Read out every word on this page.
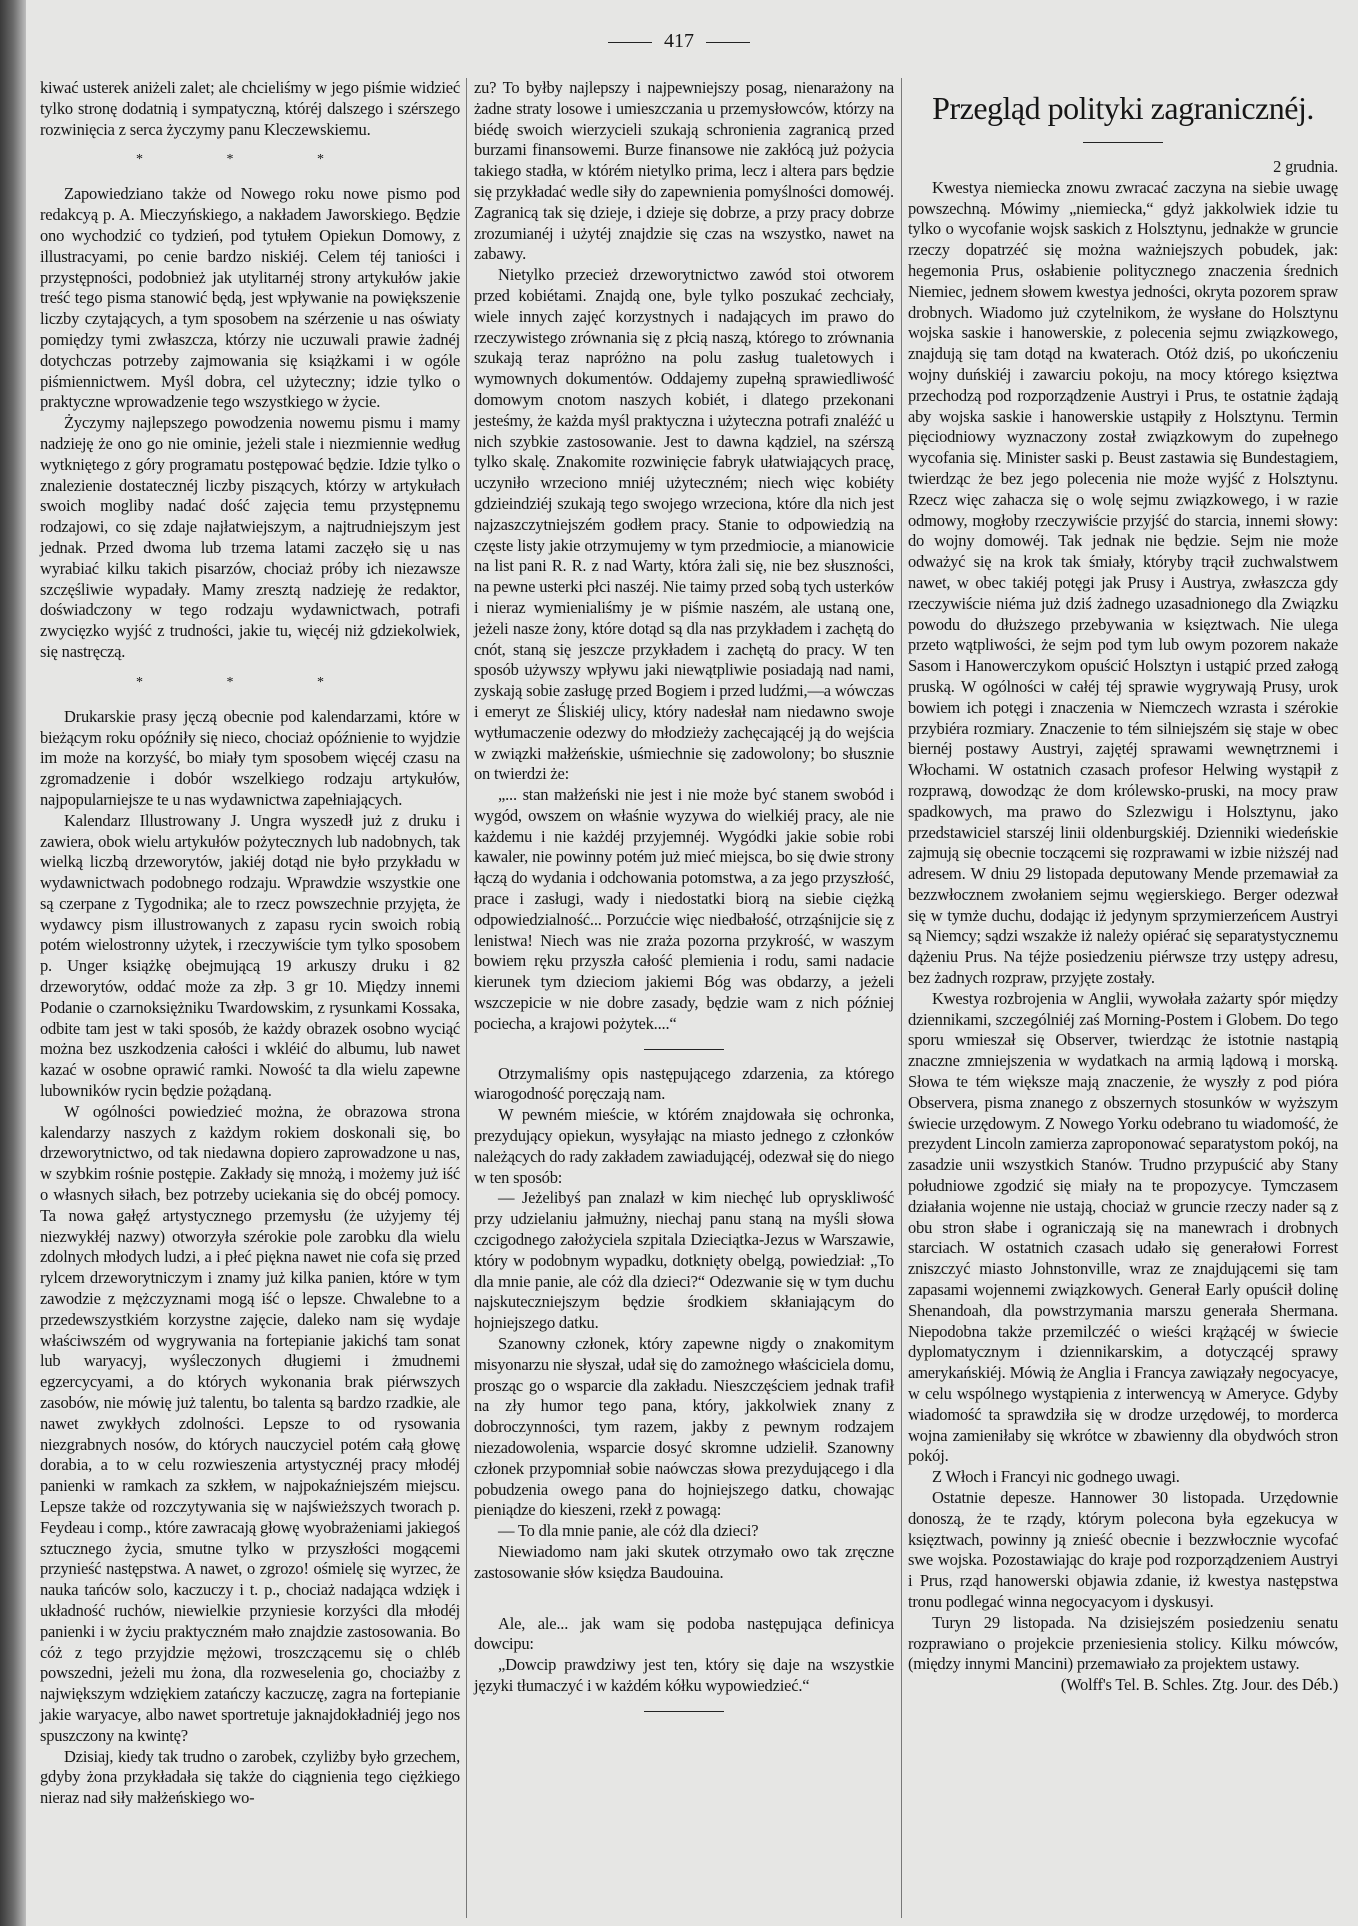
417

kiwać usterek aniżeli zalet; ale chcieliśmy w jego piśmie widzieć tylko stronę dodatnią i sympatyczną, któréj dalszego i szérszego rozwinięcia z serca życzymy panu Kleczewskiemu.

* * *

Zapowiedziano także od Nowego roku nowe pismo pod redakcyą p. A. Mieczyńskiego, a nakładem Jaworskiego. Będzie ono wychodzić co tydzień, pod tytułem Opiekun Domowy, z illustracyami, po cenie bardzo niskiéj. Celem téj taniości i przystępności, podobnież jak utylitarnéj strony artykułów jakie treść tego pisma stanowić będą, jest wpływanie na powiększenie liczby czytających, a tym sposobem na szérzenie u nas oświaty pomiędzy tymi zwłaszcza, którzy nie uczuwali prawie żadnéj dotychczas potrzeby zajmowania się książkami i w ogóle piśmiennictwem. Myśl dobra, cel użyteczny; idzie tylko o praktyczne wprowadzenie tego wszystkiego w życie.

Życzymy najlepszego powodzenia nowemu pismu i mamy nadzieję że ono go nie ominie, jeżeli stale i niezmiennie według wytkniętego z góry programatu postępować będzie. Idzie tylko o znalezienie dostatecznéj liczby piszących, którzy w artykułach swoich mogliby nadać dość zajęcia temu przystępnemu rodzajowi, co się zdaje najłatwiejszym, a najtrudniejszym jest jednak. Przed dwoma lub trzema latami zaczęło się u nas wyrabiać kilku takich pisarzów, chociaż próby ich niezawsze szczęśliwie wypadały. Mamy zresztą nadzieję że redaktor, doświadczony w tego rodzaju wydawnictwach, potrafi zwycięzko wyjść z trudności, jakie tu, więcéj niż gdziekolwiek, się nastręczą.

* * *

Drukarskie prasy jęczą obecnie pod kalendarzami, które w bieżącym roku opóźniły się nieco, chociaż opóźnienie to wyjdzie im może na korzyść, bo miały tym sposobem więcéj czasu na zgromadzenie i dobór wszelkiego rodzaju artykułów, najpopularniejsze te u nas wydawnictwa zapełniających.

Kalendarz Illustrowany J. Ungra wyszedł już z druku i zawiera, obok wielu artykułów pożytecznych lub nadobnych, tak wielką liczbą drzeworytów, jakiéj dotąd nie było przykładu w wydawnictwach podobnego rodzaju. Wprawdzie wszystkie one są czerpane z Tygodnika; ale to rzecz powszechnie przyjęta, że wydawcy pism illustrowanych z zapasu rycin swoich robią potém wielostronny użytek, i rzeczywiście tym tylko sposobem p. Unger książkę obejmującą 19 arkuszy druku i 82 drzeworytów, oddać może za złp. 3 gr 10. Między innemi Podanie o czarnoksiężniku Twardowskim, z rysunkami Kossaka, odbite tam jest w taki sposób, że każdy obrazek osobno wyciąć można bez uszkodzenia całości i wkléić do albumu, lub nawet kazać w osobne oprawić ramki. Nowość ta dla wielu zapewne lubowników rycin będzie pożądaną.

W ogólności powiedzieć można, że obrazowa strona kalendarzy naszych z każdym rokiem doskonali się, bo drzeworytnictwo, od tak niedawna dopiero zaprowadzone u nas, w szybkim rośnie postępie. Zakłady się mnożą, i możemy już iść o własnych siłach, bez potrzeby uciekania się do obcéj pomocy. Ta nowa gałęź artystycznego przemysłu (że użyjemy téj niezwykłéj nazwy) otworzyła szérokie pole zarobku dla wielu zdolnych młodych ludzi, a i płeć piękna nawet nie cofa się przed rylcem drzeworytniczym i znamy już kilka panien, które w tym zawodzie z mężczyznami mogą iść o lepsze. Chwalebne to a przedewszystkiém korzystne zajęcie, daleko nam się wydaje właściwszém od wygrywania na fortepianie jakichś tam sonat lub waryacyj, wyśleczonych długiemi i żmudnemi egzercycyami, a do których wykonania brak piérwszych zasobów, nie mówię już talentu, bo talenta są bardzo rzadkie, ale nawet zwykłych zdolności. Lepsze to od rysowania niezgrabnych nosów, do których nauczyciel potém całą głowę dorabia, a to w celu rozwieszenia artystycznéj pracy młodéj panienki w ramkach za szkłem, w najpokaźniejszém miejscu. Lepsze także od rozczytywania się w najświeższych tworach p. Feydeau i comp., które zawracają głowę wyobrażeniami jakiegoś sztucznego życia, smutne tylko w przyszłości mogącemi przynieść następstwa. A nawet, o zgrozo! ośmielę się wyrzec, że nauka tańców solo, kaczuczy i t. p., chociaż nadająca wdzięk i układność ruchów, niewielkie przyniesie korzyści dla młodéj panienki i w życiu praktyczném mało znajdzie zastosowania. Bo cóż z tego przyjdzie mężowi, troszczącemu się o chléb powszedni, jeżeli mu żona, dla rozweselenia go, chociażby z największym wdziękiem zatańczy kaczuczę, zagra na fortepianie jakie waryacye, albo nawet sportretuje jaknajdokładniéj jego nos spuszczony na kwintę?

Dzisiaj, kiedy tak trudno o zarobek, czyliżby było grzechem, gdyby żona przykładała się także do ciągnienia tego ciężkiego nieraz nad siły małżeńskiego wo-

zu? To byłby najlepszy i najpewniejszy posag, nienarażony na żadne straty losowe i umieszczania u przemysłowców, którzy na biédę swoich wierzycieli szukają schronienia zagranicą przed burzami finansowemi. Burze finansowe nie zakłócą już pożycia takiego stadła, w którém nietylko prima, lecz i altera pars będzie się przykładać wedle siły do zapewnienia pomyślności domowéj. Zagranicą tak się dzieje, i dzieje się dobrze, a przy pracy dobrze zrozumianéj i użytéj znajdzie się czas na wszystko, nawet na zabawy.

Nietylko przecież drzeworytnictwo zawód stoi otworem przed kobiétami. Znajdą one, byle tylko poszukać zechciały, wiele innych zajęć korzystnych i nadających im prawo do rzeczywistego zrównania się z płcią naszą, którego to zrównania szukają teraz napróżno na polu zasług tualetowych i wymownych dokumentów. Oddajemy zupełną sprawiedliwość domowym cnotom naszych kobiét, i dlatego przekonani jesteśmy, że każda myśl praktyczna i użyteczna potrafi znaléźć u nich szybkie zastosowanie. Jest to dawna kądziel, na szérszą tylko skalę. Znakomite rozwinięcie fabryk ułatwiających pracę, uczyniło wrzeciono mniéj użyteczném; niech więc kobiéty gdzieindziéj szukają tego swojego wrzeciona, które dla nich jest najzaszczytniejszém godłem pracy. Stanie to odpowiedzią na częste listy jakie otrzymujemy w tym przedmiocie, a mianowicie na list pani R. R. z nad Warty, która żali się, nie bez słuszności, na pewne usterki płci naszéj. Nie taimy przed sobą tych usterków i nieraz wymienialiśmy je w piśmie naszém, ale ustaną one, jeżeli nasze żony, które dotąd są dla nas przykładem i zachętą do cnót, staną się jeszcze przykładem i zachętą do pracy. W ten sposób używszy wpływu jaki niewątpliwie posiadają nad nami, zyskają sobie zasługę przed Bogiem i przed ludźmi,—a wówczas i emeryt ze Śliskiéj ulicy, który nadesłał nam niedawno swoje wytłumaczenie odezwy do młodzieży zachęcającéj ją do wejścia w związki małżeńskie, uśmiechnie się zadowolony; bo słusznie on twierdzi że:

„... stan małżeński nie jest i nie może być stanem swobód i wygód, owszem on właśnie wyzywa do wielkiéj pracy, ale nie każdemu i nie każdéj przyjemnéj. Wygódki jakie sobie robi kawaler, nie powinny potém już mieć miejsca, bo się dwie strony łączą do wydania i odchowania potomstwa, a za jego przyszłość, prace i zasługi, wady i niedostatki biorą na siebie ciężką odpowiedzialność... Porzućcie więc niedbałość, otrząśnijcie się z lenistwa! Niech was nie zraża pozorna przykrość, w waszym bowiem ręku przyszła całość plemienia i rodu, sami nadacie kierunek tym dzieciom jakiemi Bóg was obdarzy, a jeżeli wszczepicie w nie dobre zasady, będzie wam z nich później pociecha, a krajowi pożytek....“

Otrzymaliśmy opis następującego zdarzenia, za którego wiarogodność poręczają nam.

W pewném mieście, w którém znajdowała się ochronka, prezydujący opiekun, wysyłając na miasto jednego z członków należących do rady zakładem zawiadującéj, odezwał się do niego w ten sposób:

— Jeżelibyś pan znalazł w kim niechęć lub opryskliwość przy udzielaniu jałmużny, niechaj panu staną na myśli słowa czcigodnego założyciela szpitala Dzieciątka-Jezus w Warszawie, który w podobnym wypadku, dotknięty obelgą, powiedział: „To dla mnie panie, ale cóż dla dzieci?“ Odezwanie się w tym duchu najskuteczniejszym będzie środkiem skłaniającym do hojniejszego datku.

Szanowny członek, który zapewne nigdy o znakomitym misyonarzu nie słyszał, udał się do zamożnego właściciela domu, prosząc go o wsparcie dla zakładu. Nieszczęściem jednak trafił na zły humor tego pana, który, jakkolwiek znany z dobroczynności, tym razem, jakby z pewnym rodzajem niezadowolenia, wsparcie dosyć skromne udzielił. Szanowny członek przypomniał sobie naówczas słowa prezydującego i dla pobudzenia owego pana do hojniejszego datku, chowając pieniądze do kieszeni, rzekł z powagą:

— To dla mnie panie, ale cóż dla dzieci?

Niewiadomo nam jaki skutek otrzymało owo tak zręczne zastosowanie słów księdza Baudouina.

Ale, ale... jak wam się podoba następująca definicya dowcipu:

„Dowcip prawdziwy jest ten, który się daje na wszystkie języki tłumaczyć i w każdém kółku wypowiedzieć.“

Przegląd polityki zagranicznéj.

2 grudnia.

Kwestya niemiecka znowu zwracać zaczyna na siebie uwagę powszechną. Mówimy „niemiecka,“ gdyż jakkolwiek idzie tu tylko o wycofanie wojsk saskich z Holsztynu, jednakże w gruncie rzeczy dopatrzéć się można ważniejszych pobudek, jak: hegemonia Prus, osłabienie politycznego znaczenia średnich Niemiec, jednem słowem kwestya jedności, okryta pozorem spraw drobnych. Wiadomo już czytelnikom, że wysłane do Holsztynu wojska saskie i hanowerskie, z polecenia sejmu związkowego, znajdują się tam dotąd na kwaterach. Otóż dziś, po ukończeniu wojny duńskiéj i zawarciu pokoju, na mocy którego księztwa przechodzą pod rozporządzenie Austryi i Prus, te ostatnie żądają aby wojska saskie i hanowerskie ustąpiły z Holsztynu. Termin pięciodniowy wyznaczony został związkowym do zupełnego wycofania się. Minister saski p. Beust zastawia się Bundestagiem, twierdząc że bez jego polecenia nie może wyjść z Holsztynu. Rzecz więc zahacza się o wolę sejmu związkowego, i w razie odmowy, mogłoby rzeczywiście przyjść do starcia, innemi słowy: do wojny domowéj. Tak jednak nie będzie. Sejm nie może odważyć się na krok tak śmiały, któryby trącił zuchwalstwem nawet, w obec takiéj potęgi jak Prusy i Austrya, zwłaszcza gdy rzeczywiście niéma już dziś żadnego uzasadnionego dla Związku powodu do dłuższego przebywania w księztwach. Nie ulega przeto wątpliwości, że sejm pod tym lub owym pozorem nakaże Sasom i Hanowerczykom opuścić Holsztyn i ustąpić przed załogą pruską. W ogólności w całéj téj sprawie wygrywają Prusy, urok bowiem ich potęgi i znaczenia w Niemczech wzrasta i szérokie przybiéra rozmiary. Znaczenie to tém silniejszém się staje w obec biernéj postawy Austryi, zajętéj sprawami wewnętrznemi i Włochami. W ostatnich czasach profesor Helwing wystąpił z rozprawą, dowodząc że dom królewsko-pruski, na mocy praw spadkowych, ma prawo do Szlezwigu i Holsztynu, jako przedstawiciel starszéj linii oldenburgskiéj. Dzienniki wiedeńskie zajmują się obecnie toczącemi się rozprawami w izbie niższéj nad adresem. W dniu 29 listopada deputowany Mende przemawiał za bezzwłocznem zwołaniem sejmu węgierskiego. Berger odezwał się w tymże duchu, dodając iż jedynym sprzymierzeńcem Austryi są Niemcy; sądzi wszakże iż należy opiérać się separatystycznemu dążeniu Prus. Na téjże posiedzeniu piérwsze trzy ustępy adresu, bez żadnych rozpraw, przyjęte zostały.

Kwestya rozbrojenia w Anglii, wywołała zażarty spór między dziennikami, szczególniéj zaś Morning-Postem i Globem. Do tego sporu wmieszał się Observer, twierdząc że istotnie nastąpią znaczne zmniejszenia w wydatkach na armią lądową i morską. Słowa te tém większe mają znaczenie, że wyszły z pod pióra Observera, pisma znanego z obszernych stosunków w wyższym świecie urzędowym. Z Nowego Yorku odebrano tu wiadomość, że prezydent Lincoln zamierza zaproponować separatystom pokój, na zasadzie unii wszystkich Stanów. Trudno przypuścić aby Stany południowe zgodzić się miały na te propozycye. Tymczasem działania wojenne nie ustają, chociaż w gruncie rzeczy nader są z obu stron słabe i ograniczają się na manewrach i drobnych starciach. W ostatnich czasach udało się generałowi Forrest zniszczyć miasto Johnstonville, wraz ze znajdującemi się tam zapasami wojennemi związkowych. Generał Early opuścił dolinę Shenandoah, dla powstrzymania marszu generała Shermana. Niepodobna także przemilczéć o wieści krążącéj w świecie dyplomatycznym i dziennikarskim, a dotyczącéj sprawy amerykańskiéj. Mówią że Anglia i Francya zawiązały negocyacye, w celu wspólnego wystąpienia z interwencyą w Ameryce. Gdyby wiadomość ta sprawdziła się w drodze urzędowéj, to morderca wojna zamieniłaby się wkrótce w zbawienny dla obydwóch stron pokój.

Z Włoch i Francyi nic godnego uwagi.

Ostatnie depesze. Hannower 30 listopada. Urzędownie donoszą, że te rządy, którym polecona była egzekucya w księztwach, powinny ją znieść obecnie i bezzwłocznie wycofać swe wojska. Pozostawiając do kraje pod rozporządzeniem Austryi i Prus, rząd hanowerski objawia zdanie, iż kwestya następstwa tronu podlegać winna negocyacyom i dyskusyi.

Turyn 29 listopada. Na dzisiejszém posiedzeniu senatu rozprawiano o projekcie przeniesienia stolicy. Kilku mówców, (między innymi Mancini) przemawiało za projektem ustawy.

(Wolff's Tel. B. Schles. Ztg. Jour. des Déb.)
